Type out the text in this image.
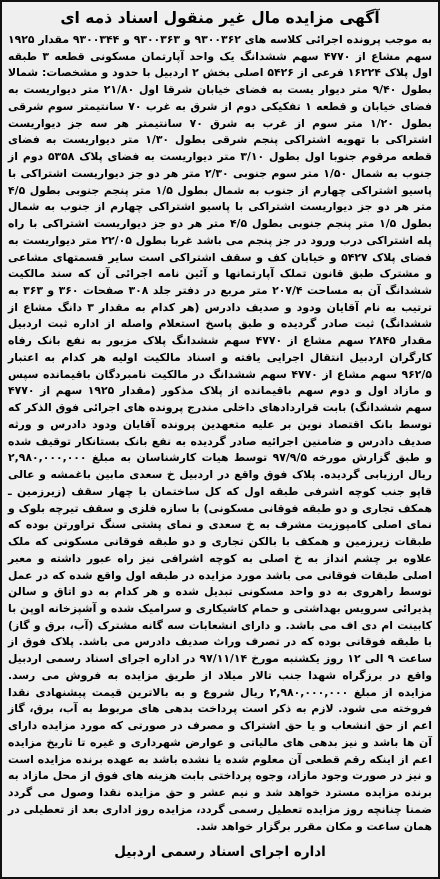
آگهی مزایده مال غیر منقول اسناد ذمه ای

به موجب پرونده اجرائی کلاسه های ۹۳۰۰۳۶۲ و ۹۳۰۰۳۶۳ و ۹۳۰۰۳۴۴ مقدار ۱۹۲۵ سهم مشاع از ۴۷۷۰ سهم ششدانگ یک واحد آپارتمان مسکونی قطعه ۳ طبقه اول پلاک ۱۶۲۲۴ فرعی از ۵۴۲۶ اصلی بخش ۲ اردبیل با حدود و مشخصات: شمالا بطول ۹/۴۰ متر دیوار یست به فضای خیابان شرقا اول ۲۱/۸۰ متر دیواریست به فضای خیابان و قطعه ۱ تفکیکی دوم از شرق به غرب ۷۰ سانتیمتر سوم شرقی بطول ۱/۲۰ متر سوم از غرب به شرق ۷۰ سانتیمتر هر سه جز دیواریست اشتراکی با تهویه اشتراکی پنجم شرقی بطول ۱/۳۰ متر دیواریست به فضای قطعه مرقوم جنوبا اول بطول ۳/۱۰ متر دیواریست به فضای پلاک ۵۳۵۸ دوم از جنوب به شمال ۱/۵۰ متر سوم جنوبی ۲/۳۰ متر هر دو جز دیواریست اشتراکی با پاسیو اشتراکی چهارم از جنوب به شمال بطول ۱/۵ متر پنجم جنوبی بطول ۴/۵ متر هر دو جز دیواریست اشتراکی با پاسیو اشتراکی چهارم از جنوب به شمال بطول ۱/۵ متر پنجم جنوبی بطول ۴/۵ متر هر دو جز دیواریست اشتراکی با راه پله اشتراکی درب ورود در جز پنجم می باشد غربا بطول ۲۲/۰۵ متر دیواریست به فضای پلاک ۵۴۲۷ و خیابان کف و سقف اشتراکی است سایر قسمتهای مشاعی و مشترک طبق قانون تملک آپارتمانها و آئین نامه اجرائی آن که سند مالکیت ششدانگ آن به مساحت ۲۰۷/۴ متر مربع در دفتر جلد ۳۰۸ صفحات ۳۶۰ و ۳۶۳ به ترتیب به نام آقایان ودود و صدیف دادرس (هر کدام به مقدار ۳ دانگ مشاع از ششدانگ) ثبت صادر گردیده و طبق پاسخ استعلام واصله از اداره ثبت اردبیل مقدار ۲۸۴۵ سهم مشاع از ۴۷۷۰ سهم ششدانگ پلاک مزبور به نفع بانک رفاه کارگران اردبیل انتقال اجرایی یافته و اسناد مالکیت اولیه هر کدام به اعتبار ۹۶۲/۵ سهم مشاع از ۴۷۷۰ سهم ششدانگ در مالکیت نامبردگان باقیمانده سپس و مازاد اول و دوم سهم باقیمانده از پلاک مذکور (مقدار ۱۹۲۵ سهم از ۴۷۷۰ سهم ششدانگ) بابت قراردادهای داخلی مندرج پرونده های اجرائی فوق الذکر که توسط بانک اقتصاد نوین بر علیه متعهدین پرونده آقایان ودود دادرس و ورثه صدیف دادرس و ضامنین اجرائیه صادر گردیده به نفع بانک بستانکار توقیف شده و طبق گزارش مورخه ۹۷/۹/۵ توسط هیات کارشناسان به مبلغ ۲,۹۸۰,۰۰۰,۰۰۰ ریال ارزیابی گردیده. پلاک فوق واقع در اردبیل خ سعدی مابین باغمشه و عالی قاپو جنب کوچه اشرفی طبقه اول که کل ساختمان با چهار سقف (زیرزمین ـ همکف تجاری و دو طبقه فوقانی مسکونی) با سازه فلزی و سقف تیرچه بلوک و نمای اصلی کامپوزیت مشرف به خ سعدی و نمای پشتی سنگ تراورتن بوده که طبقات زیرزمین و همکف با بالکن تجاری و دو طبقه فوقانی مسکونی که ملک علاوه بر چشم انداز به خ اصلی به کوچه اشرافی نیز راه عبور داشته و معبر اصلی طبقات فوقانی می باشد مورد مزایده در طبقه اول واقع شده که در عمل توسط راهروی به دو واحد مسکونی تبدیل شده و هر کدام به دو اتاق و سالن پذیرائی سرویس بهداشتی و حمام کاشیکاری و سرامیک شده و آشپزخانه اوپن با کابینت ام دی اف می باشد. و دارای انشعابات سه گانه مشترک (آب، برق و گاز) با طبقه فوقانی بوده که در تصرف وراث صدیف دادرس می باشد. پلاک فوق از ساعت ۹ الی ۱۲ روز یکشنبه مورخ ۹۷/۱۱/۱۴ در اداره اجرای اسناد رسمی اردبیل واقع در برزگراه شهدا جنب تالار میلاد از طریق مزایده به فروش می رسد. مزایده از مبلغ ۲,۹۸۰,۰۰۰,۰۰۰ ریال شروع و به بالاترین قیمت پیشنهادی نقدا فروخته می شود. لازم به ذکر است پرداخت بدهی های مربوط به آب، برق، گاز اعم از حق انشعاب و یا حق اشتراک و مصرف در صورتی که مورد مزایده دارای آن ها باشد و نیز بدهی های مالیاتی و عوارض شهرداری و غیره تا تاریخ مزایده اعم از اینکه رقم قطعی آن معلوم شده یا نشده باشد به عهده برنده مزایده است و نیز در صورت وجود مازاد، وجوه پرداختی بابت هزینه های فوق از محل مازاد به برنده مزایده مسترد خواهد شد و نیم عشر و حق مزایده نقدا وصول می گردد ضمنا چنانچه روز مزایده تعطیل رسمی گردد، مزایده روز اداری بعد از تعطیلی در همان ساعت و مکان مقرر برگزار خواهد شد.

اداره اجرای اسناد رسمی اردبیل
